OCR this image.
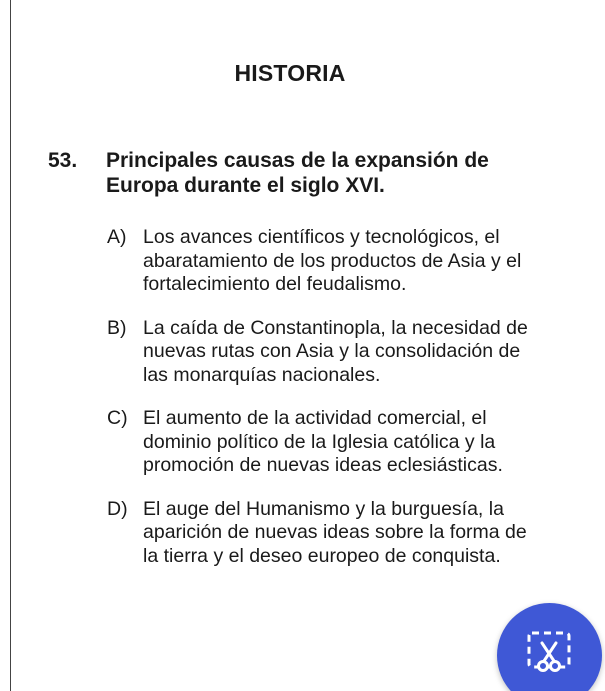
HISTORIA
53.	Principales causas de la expansión de Europa durante el siglo XVI.
A) Los avances científicos y tecnológicos, el abaratamiento de los productos de Asia y el fortalecimiento del feudalismo.
B) La caída de Constantinopla, la necesidad de nuevas rutas con Asia y la consolidación de las monarquías nacionales.
C) El aumento de la actividad comercial, el dominio político de la Iglesia católica y la promoción de nuevas ideas eclesiásticas.
D) El auge del Humanismo y la burguesía, la aparición de nuevas ideas sobre la forma de la tierra y el deseo europeo de conquista.
